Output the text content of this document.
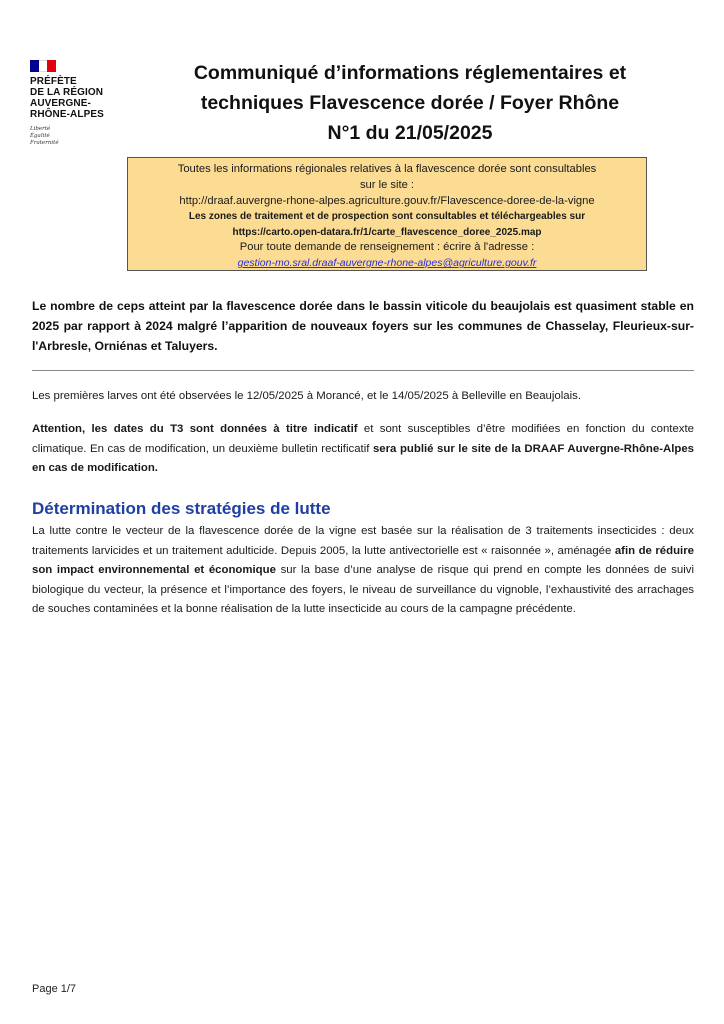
PRÉFÈTE
DE LA RÉGION
AUVERGNE-
RHÔNE-ALPES
Liberté
Égalité
Fraternité
Communiqué d’informations réglementaires et
techniques Flavescence dorée / Foyer Rhône
N°1 du 21/05/2025
Toutes les informations régionales relatives à la flavescence dorée sont consultables
sur le site :
http://draaf.auvergne-rhone-alpes.agriculture.gouv.fr/Flavescence-doree-de-la-vigne
Les zones de traitement et de prospection sont consultables et téléchargeables sur
https://carto.open-datara.fr/1/carte_flavescence_doree_2025.map
Pour toute demande de renseignement : écrire à l'adresse :
gestion-mo.sral.draaf-auvergne-rhone-alpes@agriculture.gouv.fr
Le nombre de ceps atteint par la flavescence dorée dans le bassin viticole du beaujolais est quasiment stable en 2025 par rapport à 2024 malgré l’apparition de nouveaux foyers sur les communes de Chasselay, Fleurieux-sur-l'Arbresle, Orniénas et Taluyers.
Les premières larves ont été observées le 12/05/2025 à Morancé, et le 14/05/2025 à Belleville en Beaujolais.
Attention, les dates du T3 sont données à titre indicatif et sont susceptibles d’être modifiées en fonction du contexte climatique. En cas de modification, un deuxième bulletin rectificatif sera publié sur le site de la DRAAF Auvergne-Rhône-Alpes en cas de modification.
Détermination des stratégies de lutte
La lutte contre le vecteur de la flavescence dorée de la vigne est basée sur la réalisation de 3 traitements insecticides : deux traitements larvicides et un traitement adulticide. Depuis 2005, la lutte antivectorielle est « raisonnée », aménagée afin de réduire son impact environnemental et économique sur la base d’une analyse de risque qui prend en compte les données de suivi biologique du vecteur, la présence et l’importance des foyers, le niveau de surveillance du vignoble, l’exhaustivité des arrachages de souches contaminées et la bonne réalisation de la lutte insecticide au cours de la campagne précédente.
Page 1/7
